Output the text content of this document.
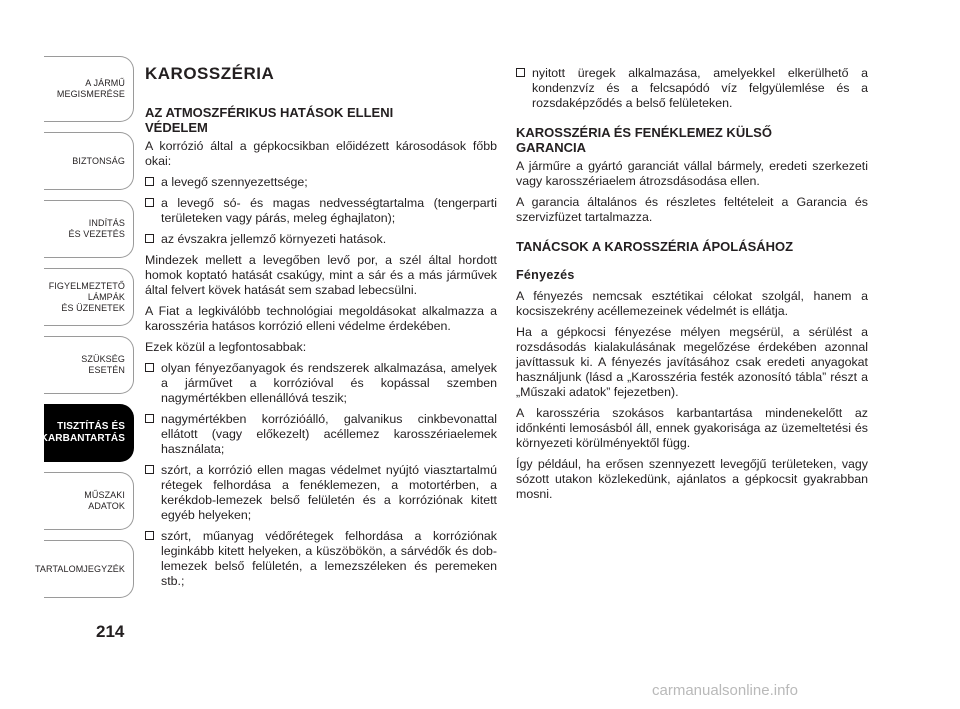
A JÁRMŰ
MEGISMERÉSE
BIZTONSÁG
INDÍTÁS
ÉS VEZETÉS
FIGYELMEZTETŐ
LÁMPÁK
ÉS ÜZENETEK
SZÜKSÉG
ESETÉN
TISZTÍTÁS ÉS
KARBANTARTÁS
MŰSZAKI
ADATOK
TARTALOMJEGYZÉK
214
KAROSSZÉRIA
AZ ATMOSZFÉRIKUS HATÁSOK ELLENI VÉDELEM

A korrózió által a gépkocsikban előidézett károsodások főbb okai:

a levegő szennyezettsége;
a levegő só- és magas nedvességtartalma (tengerparti területeken vagy párás, meleg éghajlaton);
az évszakra jellemző környezeti hatások.

Mindezek mellett a levegőben levő por, a szél által hordott homok koptató hatását csakúgy, mint a sár és a más járművek által felvert kövek hatását sem szabad lebecsülni.

A Fiat a legkiválóbb technológiai megoldásokat alkalmazza a karosszéria hatásos korrózió elleni védelme érdekében.

Ezek közül a legfontosabbak:

olyan fényezőanyagok és rendszerek alkalmazása, amelyek a járművet a korrózióval és kopással szemben nagymértékben ellenállóvá teszik;
nagymértékben korrózióálló, galvanikus cinkbevonattal ellátott (vagy előkezelt) acéllemez karosszériaelemek használata;
szórt, a korrózió ellen magas védelmet nyújtó viasztartalmú rétegek felhordása a fenéklemezen, a motortérben, a kerékdob-lemezek belső felületén és a korróziónak kitett egyéb helyeken;
szórt, műanyag védőrétegek felhordása a korróziónak leginkább kitett helyeken, a küszöbökön, a sárvédők és dob-lemezek belső felületén, a lemezszéleken és peremeken stb.;
nyitott üregek alkalmazása, amelyekkel elkerülhető a kondenzvíz és a felcsapódó víz felgyülemlése és a rozsdaképződés a belső felületeken.
KAROSSZÉRIA ÉS FENÉKLEMEZ KÜLSŐ GARANCIA

A járműre a gyártó garanciát vállal bármely, eredeti szerkezeti vagy karosszériaelem átrozsdásodása ellen.

A garancia általános és részletes feltételeit a Garancia és szervizfüzet tartalmazza.

TANÁCSOK A KAROSSZÉRIA ÁPOLÁSÁHOZ
Fényezés

A fényezés nemcsak esztétikai célokat szolgál, hanem a kocsiszekrény acéllemezeinek védelmét is ellátja.

Ha a gépkocsi fényezése mélyen megsérül, a sérülést a rozsdásodás kialakulásának megelőzése érdekében azonnal javíttassuk ki. A fényezés javításához csak eredeti anyagokat használjunk (lásd a „Karosszéria festék azonosító tábla” részt a „Műszaki adatok” fejezetben).

A karosszéria szokásos karbantartása mindenekelőtt az időnkénti lemosásból áll, ennek gyakorisága az üzemeltetési és környezeti körülményektől függ.

Így például, ha erősen szennyezett levegőjű területeken, vagy sózott utakon közlekedünk, ajánlatos a gépkocsit gyakrabban mosni.

carmanualsonline.info
